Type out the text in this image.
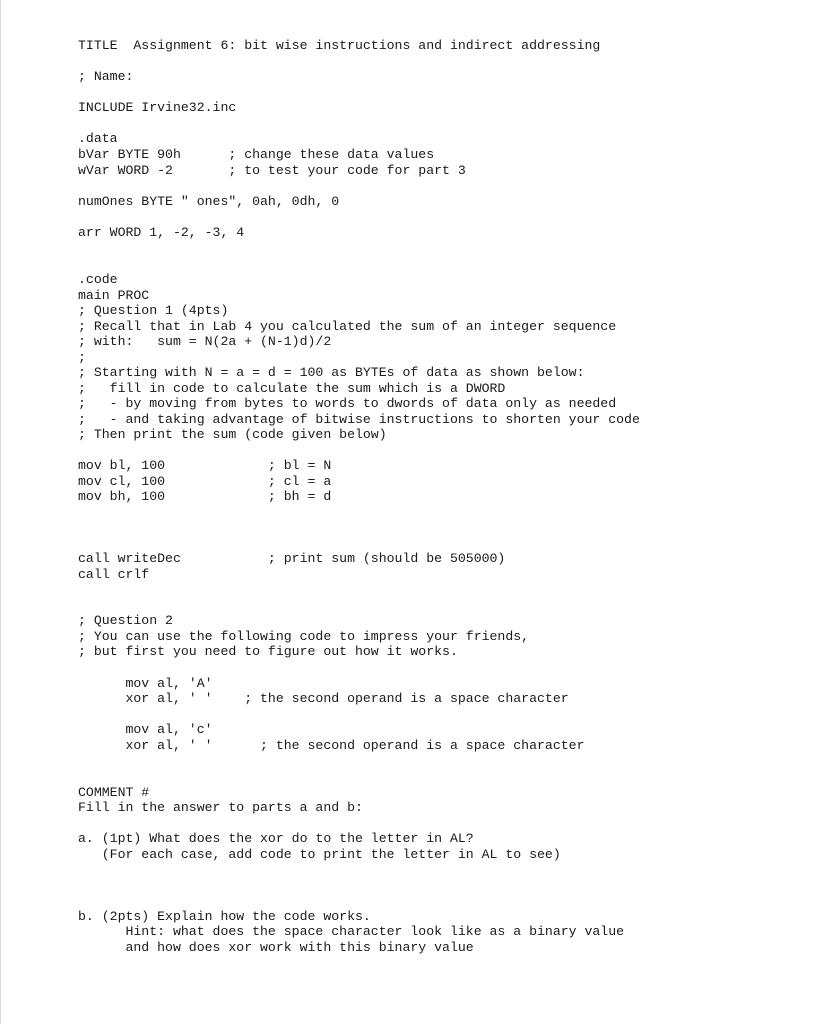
TITLE  Assignment 6: bit wise instructions and indirect addressing
; Name:
INCLUDE Irvine32.inc
.data
bVar BYTE 90h      ; change these data values
wVar WORD -2       ; to test your code for part 3
numOnes BYTE " ones", 0ah, 0dh, 0
arr WORD 1, -2, -3, 4
.code
main PROC
; Question 1 (4pts)
; Recall that in Lab 4 you calculated the sum of an integer sequence
; with:   sum = N(2a + (N-1)d)/2
;
; Starting with N = a = d = 100 as BYTEs of data as shown below:
;   fill in code to calculate the sum which is a DWORD
;   - by moving from bytes to words to dwords of data only as needed
;   - and taking advantage of bitwise instructions to shorten your code
; Then print the sum (code given below)
mov bl, 100             ; bl = N
mov cl, 100             ; cl = a
mov bh, 100             ; bh = d
call writeDec           ; print sum (should be 505000)
call crlf
; Question 2
; You can use the following code to impress your friends,
; but first you need to figure out how it works.
mov al, 'A'
xor al, ' '    ; the second operand is a space character
mov al, 'c'
xor al, ' '      ; the second operand is a space character
COMMENT #
Fill in the answer to parts a and b:
a. (1pt) What does the xor do to the letter in AL?
(For each case, add code to print the letter in AL to see)
b. (2pts) Explain how the code works.
Hint: what does the space character look like as a binary value
and how does xor work with this binary value
